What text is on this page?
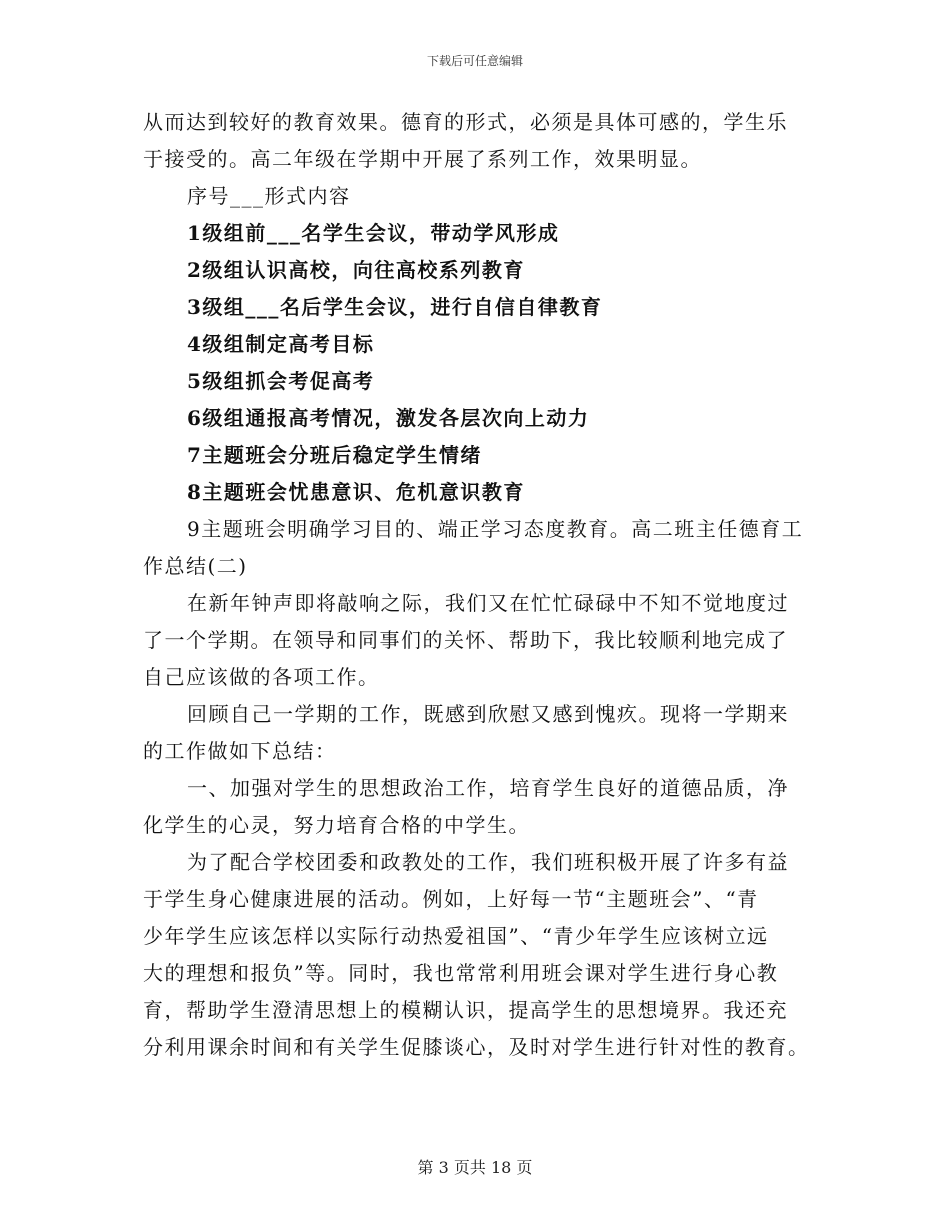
下载后可任意编辑
从而达到较好的教育效果。德育的形式，必须是具体可感的，学生乐
于接受的。高二年级在学期中开展了系列工作，效果明显。
序号___形式内容
1级组前___名学生会议，带动学风形成
2级组认识高校，向往高校系列教育
3级组___名后学生会议，进行自信自律教育
4级组制定高考目标
5级组抓会考促高考
6级组通报高考情况，激发各层次向上动力
7主题班会分班后稳定学生情绪
8主题班会忧患意识、危机意识教育
9主题班会明确学习目的、端正学习态度教育。高二班主任德育工
作总结(二)
在新年钟声即将敲响之际，我们又在忙忙碌碌中不知不觉地度过
了一个学期。在领导和同事们的关怀、帮助下，我比较顺利地完成了
自己应该做的各项工作。
回顾自己一学期的工作，既感到欣慰又感到愧疚。现将一学期来
的工作做如下总结：
一、加强对学生的思想政治工作，培育学生良好的道德品质，净
化学生的心灵，努力培育合格的中学生。
为了配合学校团委和政教处的工作，我们班积极开展了许多有益
于学生身心健康进展的活动。例如，上好每一节“主题班会”、“青
少年学生应该怎样以实际行动热爱祖国”、“青少年学生应该树立远
大的理想和报负”等。同时，我也常常利用班会课对学生进行身心教
育，帮助学生澄清思想上的模糊认识，提高学生的思想境界。我还充
分利用课余时间和有关学生促膝谈心，及时对学生进行针对性的教育。
第 3 页共 18 页
